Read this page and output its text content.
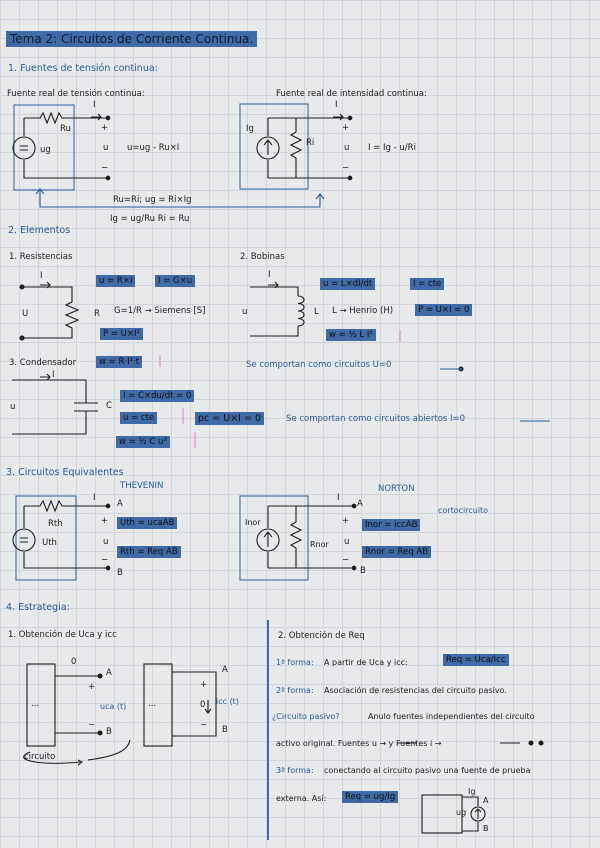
Tema 2: Circuitos de Corriente Continua.
1. Fuentes de tensión continua:
Fuente real de tensión continua:	Fuente real de intensidad continua:
I
Ru
ug
+
u
−
u=ug - Ru×I
I
Ig
Ri
+
u
−
I = Ig - u/Ri
Ru=Ri; ug = Ri×Ig
Ig = ug/Ru Ri = Ru
2. Elementos
1. Resistencias
I
U	R
u = R×I	I = G×u
G=1/R → Siemens [S]
P = U×I²
2. Bobinas
I
u	L
u = L×dI/dt	I = cte
L → Henrio (H)	P = U×I = 0
w = ½ L I²
Se comportan como circuitos U=0
3. Condensador	w = R·I²·t
I
u	C
I = C×du/dt = 0
u = cte	pc = U×I = 0	Se comportan como circuitos abiertos I=0
w = ½ C u²
3. Circuitos Equivalentes
THEVENIN
I
A
B
Rth
Uth
+
u
−
Uth = ucaAB
Rth = Req AB
NORTON
cortocircuito
I
A
B
Inor
Rnor
+
u
−
Inor = iccAB
Rnor = Req AB
4. Estrategia:
1. Obtención de Uca y icc
0
A
B
+
−
uca (t)
...	...
A
B
+
0
−
icc (t)
circuito
2. Obtención de Req
1ª forma: A partir de Uca y icc:	Req = Uca/Icc
2ª forma: Asociación de resistencias del circuito pasivo.
¿Circuito pasivo?	Anulo fuentes independientes del circuito
activo original. Fuentes u → y Fuentes i →
3ª forma: conectando al circuito pasivo una fuente de prueba
externa. Así:	Req = ug/Ig
Ig
A
ug
B
